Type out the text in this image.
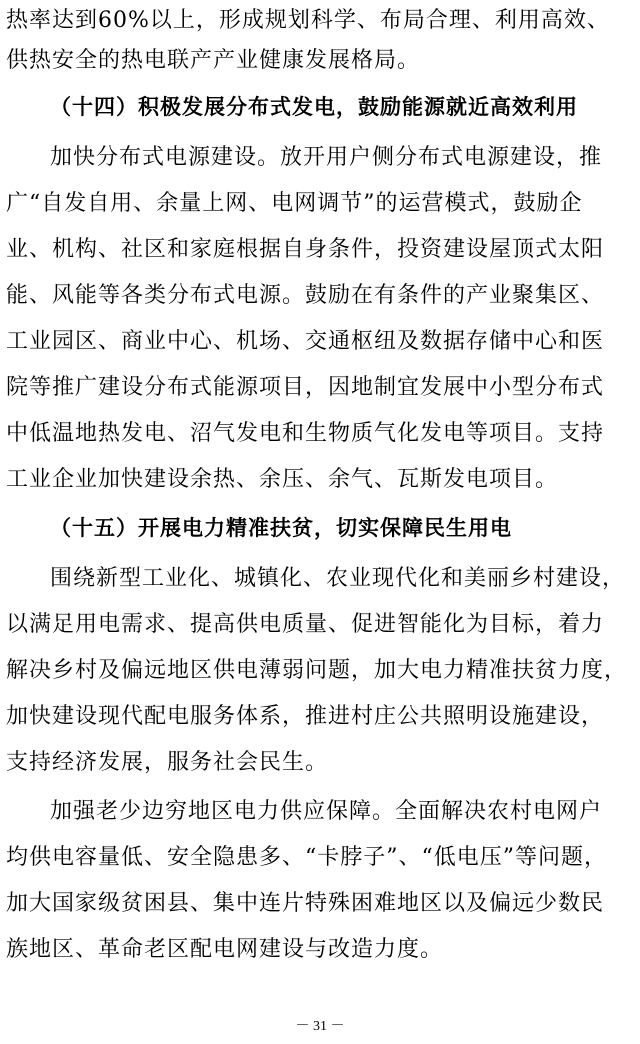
热率达到60%以上，形成规划科学、布局合理、利用高效、
供热安全的热电联产产业健康发展格局。
（十四）积极发展分布式发电，鼓励能源就近高效利用
加快分布式电源建设。放开用户侧分布式电源建设，推
广“自发自用、余量上网、电网调节”的运营模式，鼓励企
业、机构、社区和家庭根据自身条件，投资建设屋顶式太阳
能、风能等各类分布式电源。鼓励在有条件的产业聚集区、
工业园区、商业中心、机场、交通枢纽及数据存储中心和医
院等推广建设分布式能源项目，因地制宜发展中小型分布式
中低温地热发电、沼气发电和生物质气化发电等项目。支持
工业企业加快建设余热、余压、余气、瓦斯发电项目。
（十五）开展电力精准扶贫，切实保障民生用电
围绕新型工业化、城镇化、农业现代化和美丽乡村建设，
以满足用电需求、提高供电质量、促进智能化为目标，着力
解决乡村及偏远地区供电薄弱问题，加大电力精准扶贫力度，
加快建设现代配电服务体系，推进村庄公共照明设施建设，
支持经济发展，服务社会民生。
加强老少边穷地区电力供应保障。全面解决农村电网户
均供电容量低、安全隐患多、“卡脖子”、“低电压”等问题，
加大国家级贫困县、集中连片特殊困难地区以及偏远少数民
族地区、革命老区配电网建设与改造力度。
－ 31 －
